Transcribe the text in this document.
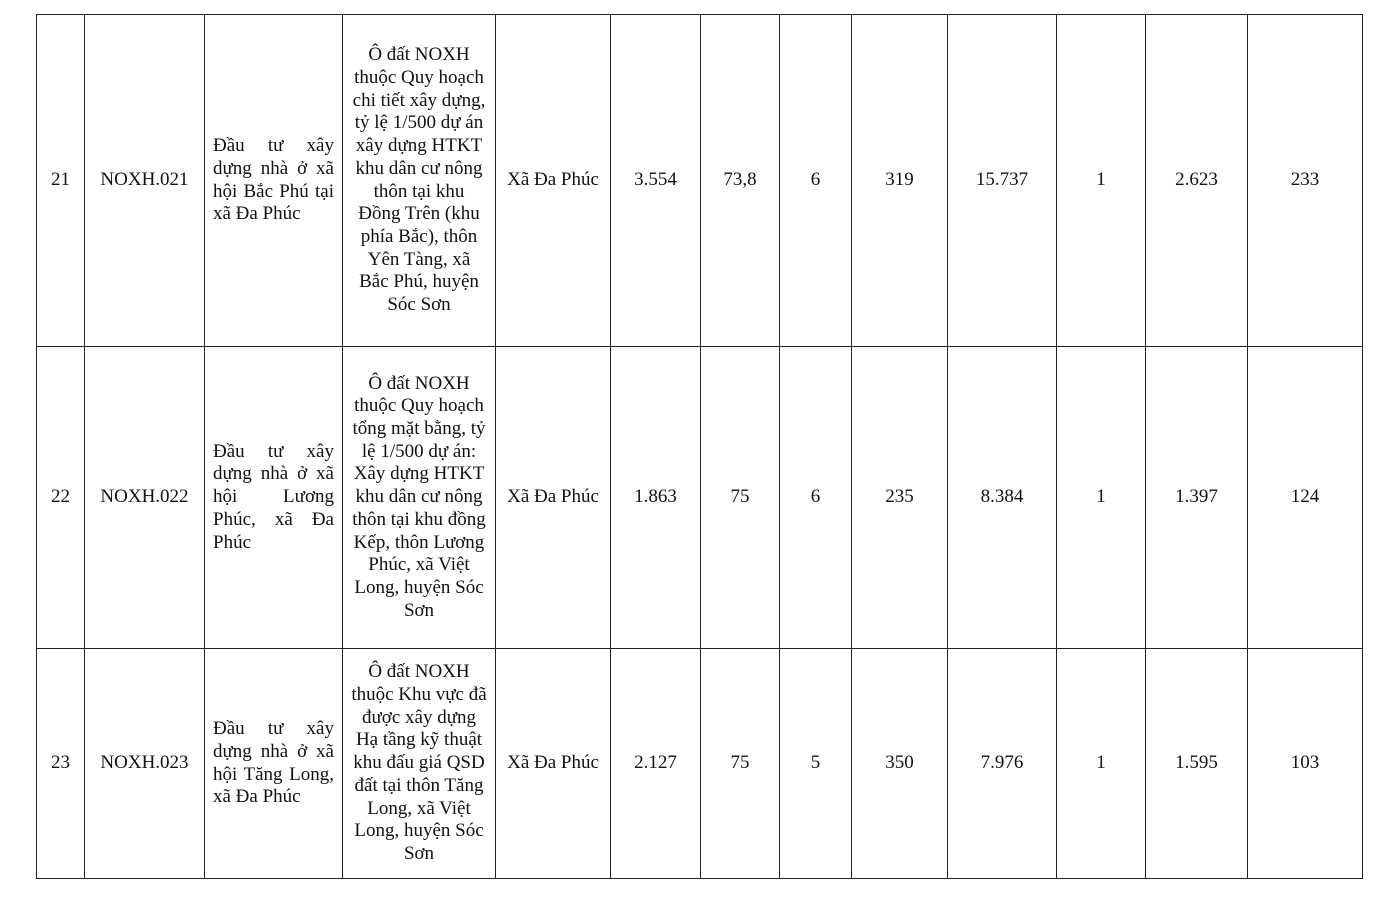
21	NOXH.021	Đầu tư xây dựng nhà ở xã hội Bắc Phú tại xã Đa Phúc	Ô đất NOXH thuộc Quy hoạch chi tiết xây dựng, tỷ lệ 1/500 dự án xây dựng HTKT khu dân cư nông thôn tại khu Đồng Trên (khu phía Bắc), thôn Yên Tàng, xã Bắc Phú, huyện Sóc Sơn	Xã Đa Phúc	3.554	73,8	6	319	15.737	1	2.623	233
22	NOXH.022	Đầu tư xây dựng nhà ở xã hội Lương Phúc, xã Đa Phúc	Ô đất NOXH thuộc Quy hoạch tổng mặt bằng, tỷ lệ 1/500 dự án: Xây dựng HTKT khu dân cư nông thôn tại khu đồng Kếp, thôn Lương Phúc, xã Việt Long, huyện Sóc Sơn	Xã Đa Phúc	1.863	75	6	235	8.384	1	1.397	124
23	NOXH.023	Đầu tư xây dựng nhà ở xã hội Tăng Long, xã Đa Phúc	Ô đất NOXH thuộc Khu vực đã được xây dựng Hạ tầng kỹ thuật khu đấu giá QSD đất tại thôn Tăng Long, xã Việt Long, huyện Sóc Sơn	Xã Đa Phúc	2.127	75	5	350	7.976	1	1.595	103
